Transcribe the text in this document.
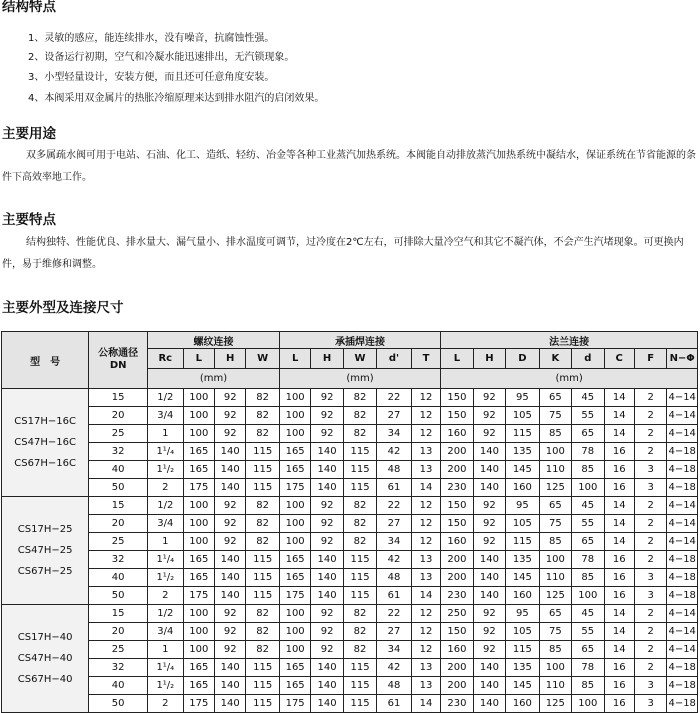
结构特点
1、灵敏的感应，能连续排水，没有噪音，抗腐蚀性强。
2、设备运行初期，空气和冷凝水能迅速排出，无汽锁现象。
3、小型轻量设计，安装方便，而且还可任意角度安装。
4、本阀采用双金属片的热胀冷缩原理来达到排水阻汽的启闭效果。
主要用途
双多属疏水阀可用于电站、石油、化工、造纸、轻纺、冶金等各种工业蒸汽加热系统。本阀能自动排放蒸汽加热系统中凝结水，保证系统在节省能源的条件下高效率地工作。
主要特点
结构独特、性能优良、排水量大、漏气量小、排水温度可调节，过冷度在2℃左右，可排除大量冷空气和其它不凝汽体，不会产生汽堵现象。可更换内件，易于维修和调整。
主要外型及连接尺寸
型　号	公称通径
DN	螺纹连接				承插焊连接					法兰连接							
		Rc	L	H	W	L	H	W	d'	T	L	H	D	K	d	C	F	N−Φ
		(mm)				(mm)					(mm)							
CS17H−16C
CS47H−16C
CS67H−16C	15	1/2	100	92	82	100	92	82	22	12	150	92	95	65	45	14	2	4−14
	20	3/4	100	92	82	100	92	82	27	12	150	92	105	75	55	14	2	4−14
	25	1	100	92	82	100	92	82	34	12	160	92	115	85	65	14	2	4−14
	32	1¹/₄	165	140	115	165	140	115	42	13	200	140	135	100	78	16	2	4−18
	40	1¹/₂	165	140	115	165	140	115	48	13	200	140	145	110	85	16	3	4−18
	50	2	175	140	115	175	140	115	61	14	230	140	160	125	100	16	3	4−18
CS17H−25
CS47H−25
CS67H−25	15	1/2	100	92	82	100	92	82	22	12	150	92	95	65	45	14	2	4−14
	20	3/4	100	92	82	100	92	82	27	12	150	92	105	75	55	14	2	4−14
	25	1	100	92	82	100	92	82	34	12	160	92	115	85	65	14	2	4−14
	32	1¹/₄	165	140	115	165	140	115	42	13	200	140	135	100	78	16	2	4−18
	40	1¹/₂	165	140	115	165	140	115	48	13	200	140	145	110	85	16	3	4−18
	50	2	175	140	115	175	140	115	61	14	230	140	160	125	100	16	3	4−18
CS17H−40
CS47H−40
CS67H−40	15	1/2	100	92	82	100	92	82	22	12	250	92	95	65	45	14	2	4−14
	20	3/4	100	92	82	100	92	82	27	12	150	92	105	75	55	14	2	4−14
	25	1	100	92	82	100	92	82	34	12	160	92	115	85	65	14	2	4−14
	32	1¹/₄	165	140	115	165	140	115	42	13	200	140	135	100	78	16	2	4−18
	40	1¹/₂	165	140	115	165	140	115	48	13	200	140	145	110	85	16	3	4−18
	50	2	175	140	115	175	140	115	61	14	230	140	160	125	100	16	3	4−18
